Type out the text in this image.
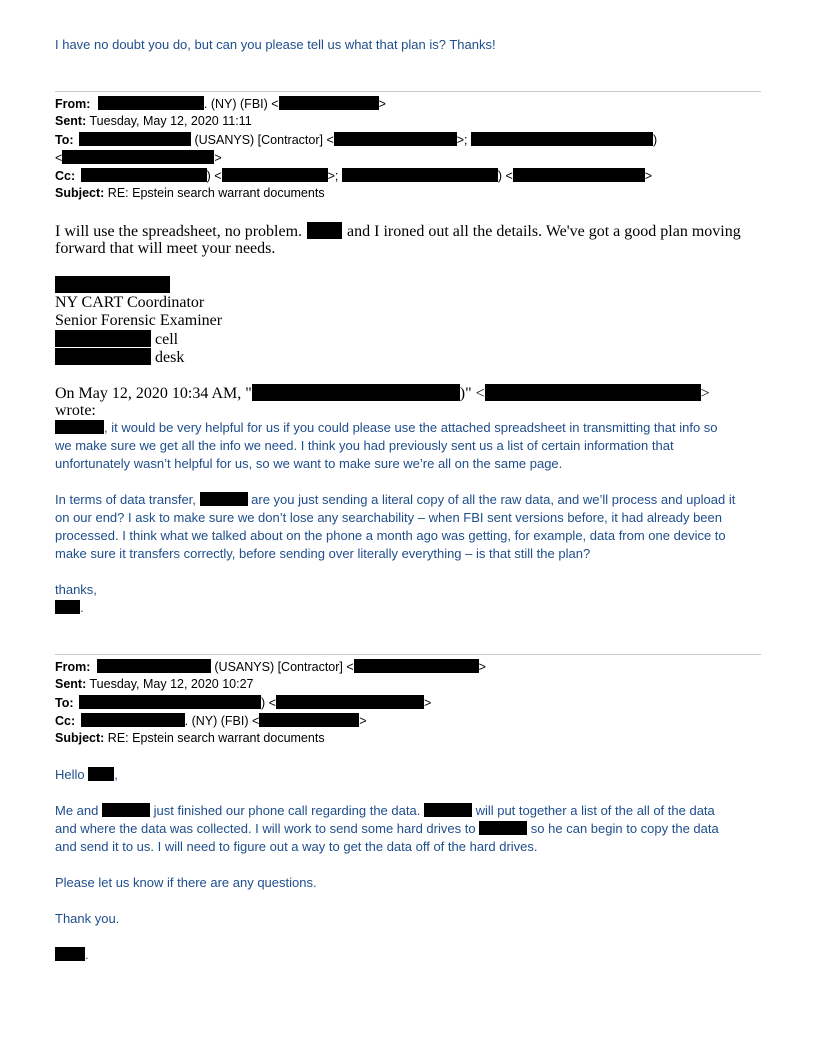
I have no doubt you do, but can you please tell us what that plan is? Thanks!
From:	. (NY) (FBI) <	>
Sent: Tuesday, May 12, 2020 11:11
To:	(USANYS) [Contractor] <	>;	)
<	>
Cc:	) <	>;	) <	>
Subject: RE: Epstein search warrant documents
I will use the spreadsheet, no problem.	and I ironed out all the details. We've got a good plan moving
forward that will meet your needs.
NY CART Coordinator
Senior Forensic Examiner
cell
desk
On May 12, 2020 10:34 AM, "	)" <	>
wrote:
, it would be very helpful for us if you could please use the attached spreadsheet in transmitting that info so
we make sure we get all the info we need. I think you had previously sent us a list of certain information that
unfortunately wasn’t helpful for us, so we want to make sure we’re all on the same page.
In terms of data transfer,	are you just sending a literal copy of all the raw data, and we’ll process and upload it
on our end? I ask to make sure we don’t lose any searchability – when FBI sent versions before, it had already been
processed. I think what we talked about on the phone a month ago was getting, for example, data from one device to
make sure it transfers correctly, before sending over literally everything – is that still the plan?
thanks,
.
From:	(USANYS) [Contractor] <	>
Sent: Tuesday, May 12, 2020 10:27
To:	) <	>
Cc:	. (NY) (FBI) <	>
Subject: RE: Epstein search warrant documents
Hello ,
Me and	just finished our phone call regarding the data.	will put together a list of the all of the data
and where the data was collected. I will work to send some hard drives to	so he can begin to copy the data
and send it to us. I will need to figure out a way to get the data off of the hard drives.
Please let us know if there are any questions.
Thank you.
.
